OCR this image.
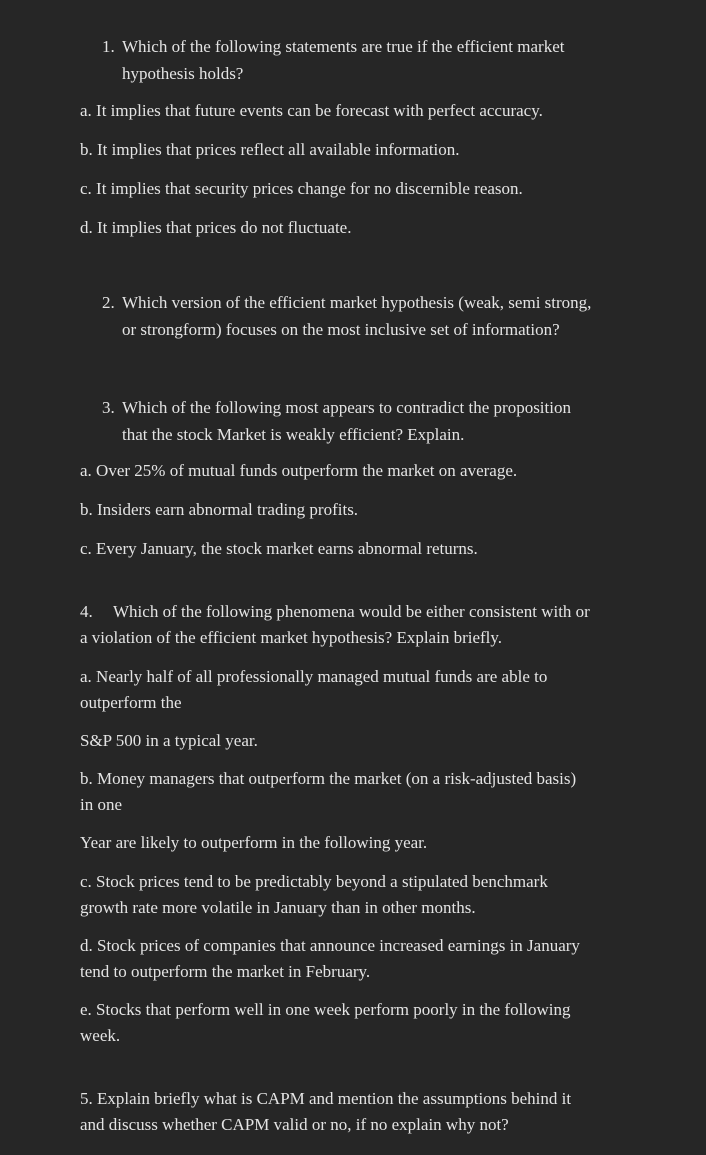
1. Which of the following statements are true if the efficient market
hypothesis holds?
a. It implies that future events can be forecast with perfect accuracy.
b. It implies that prices reflect all available information.
c. It implies that security prices change for no discernible reason.
d. It implies that prices do not fluctuate.
2. Which version of the efficient market hypothesis (weak, semi strong,
or strongform) focuses on the most inclusive set of information?
3. Which of the following most appears to contradict the proposition
that the stock Market is weakly efficient? Explain.
a. Over 25% of mutual funds outperform the market on average.
b. Insiders earn abnormal trading profits.
c. Every January, the stock market earns abnormal returns.
4. Which of the following phenomena would be either consistent with or
a violation of the efficient market hypothesis? Explain briefly.
a. Nearly half of all professionally managed mutual funds are able to
outperform the
S&P 500 in a typical year.
b. Money managers that outperform the market (on a risk-adjusted basis)
in one
Year are likely to outperform in the following year.
c. Stock prices tend to be predictably beyond a stipulated benchmark
growth rate more volatile in January than in other months.
d. Stock prices of companies that announce increased earnings in January
tend to outperform the market in February.
e. Stocks that perform well in one week perform poorly in the following
week.
5. Explain briefly what is CAPM and mention the assumptions behind it
and discuss whether CAPM valid or no, if no explain why not?
